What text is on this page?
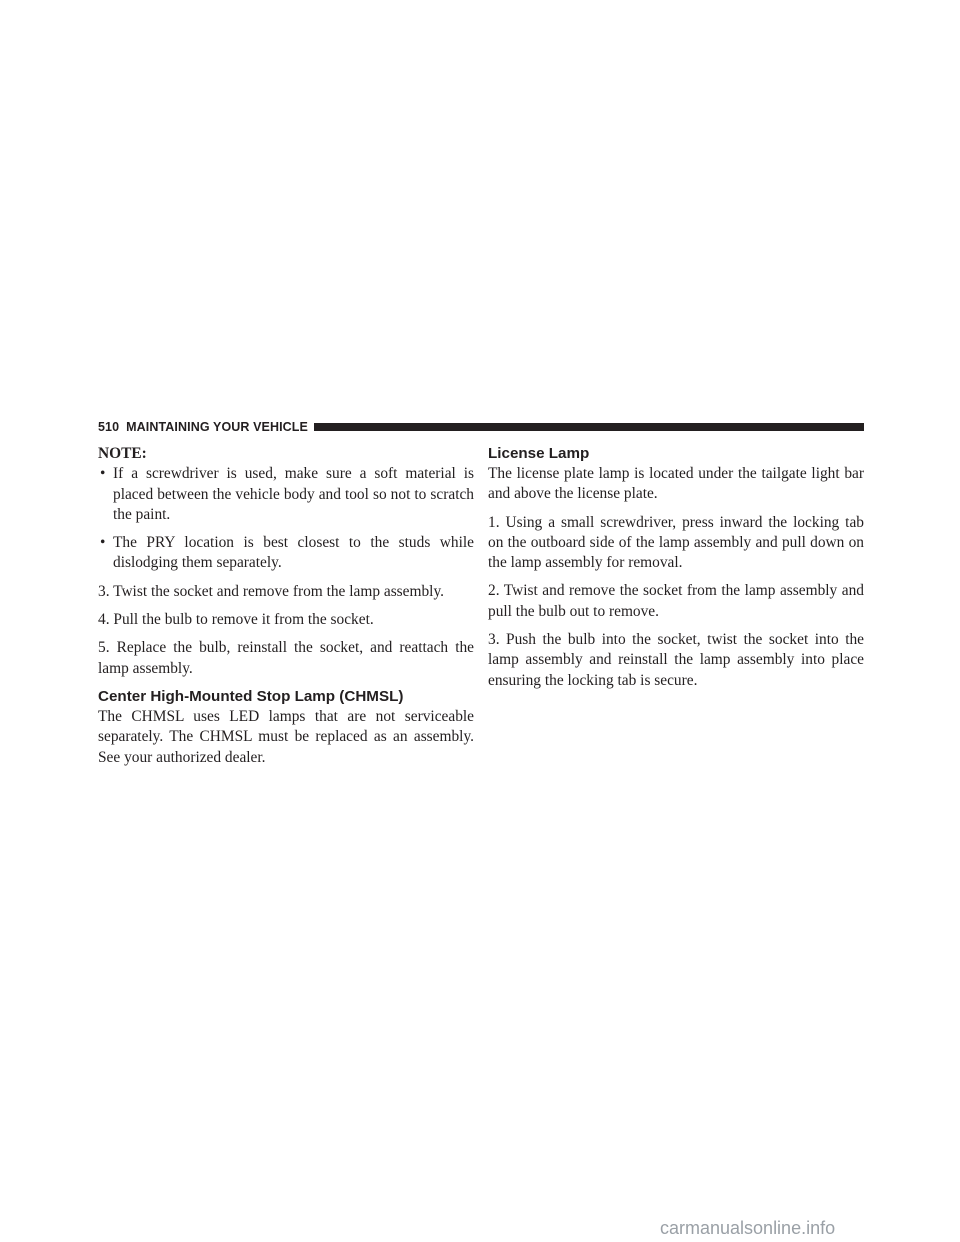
510 MAINTAINING YOUR VEHICLE

NOTE:

• If a screwdriver is used, make sure a soft material is placed between the vehicle body and tool so not to scratch the paint.
• The PRY location is best closest to the studs while dislodging them separately.

3. Twist the socket and remove from the lamp assembly.

4. Pull the bulb to remove it from the socket.

5. Replace the bulb, reinstall the socket, and reattach the lamp assembly.

Center High-Mounted Stop Lamp (CHMSL)

The CHMSL uses LED lamps that are not serviceable separately. The CHMSL must be replaced as an assembly. See your authorized dealer.

License Lamp

The license plate lamp is located under the tailgate light bar and above the license plate.

1. Using a small screwdriver, press inward the locking tab on the outboard side of the lamp assembly and pull down on the lamp assembly for removal.

2. Twist and remove the socket from the lamp assembly and pull the bulb out to remove.

3. Push the bulb into the socket, twist the socket into the lamp assembly and reinstall the lamp assembly into place ensuring the locking tab is secure.

carmanualsonline.info
